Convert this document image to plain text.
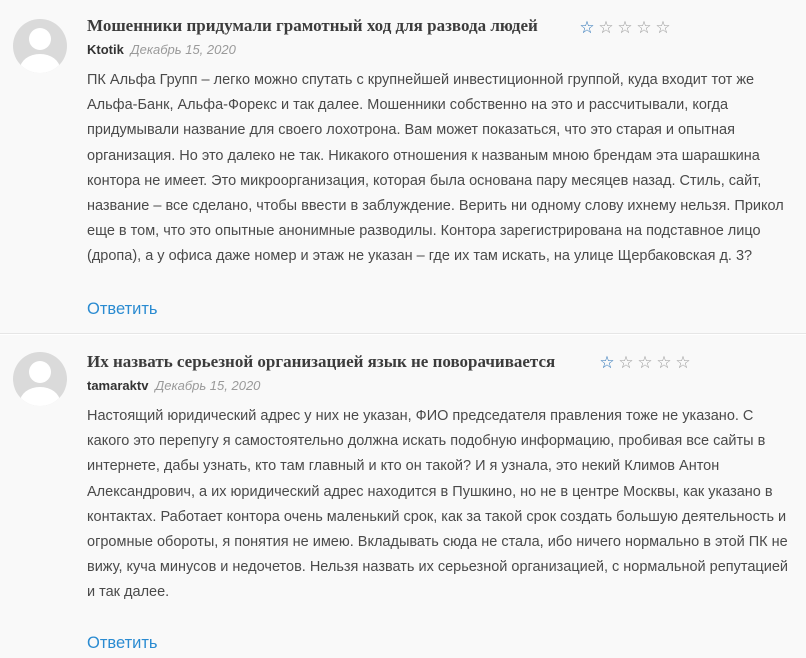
Мошенники придумали грамотный ход для развода людей ☆ ☆ ☆ ☆ ☆
Ktotik Декабрь 15, 2020
ПК Альфа Групп – легко можно спутать с крупнейшей инвестиционной группой, куда входит тот же Альфа-Банк, Альфа-Форекс и так далее. Мошенники собственно на это и рассчитывали, когда придумывали название для своего лохотрона. Вам может показаться, что это старая и опытная организация. Но это далеко не так. Никакого отношения к названым мною брендам эта шарашкина контора не имеет. Это микроорганизация, которая была основана пару месяцев назад. Стиль, сайт, название – все сделано, чтобы ввести в заблуждение. Верить ни одному слову ихнему нельзя. Прикол еще в том, что это опытные анонимные разводилы. Контора зарегистрирована на подставное лицо (дропа), а у офиса даже номер и этаж не указан – где их там искать, на улице Щербаковская д. 3?
Ответить
Их назвать серьезной организацией язык не поворачивается	☆ ☆ ☆ ☆ ☆
tamaraktv Декабрь 15, 2020
Настоящий юридический адрес у них не указан, ФИО председателя правления тоже не указано. С какого это перепугу я самостоятельно должна искать подобную информацию, пробивая все сайты в интернете, дабы узнать, кто там главный и кто он такой? И я узнала, это некий Климов Антон Александрович, а их юридический адрес находится в Пушкино, но не в центре Москвы, как указано в контактах. Работает контора очень маленький срок, как за такой срок создать большую деятельность и огромные обороты, я понятия не имею. Вкладывать сюда не стала, ибо ничего нормально в этой ПК не вижу, куча минусов и недочетов. Нельзя назвать их серьезной организацией, с нормальной репутацией и так далее.
Ответить
